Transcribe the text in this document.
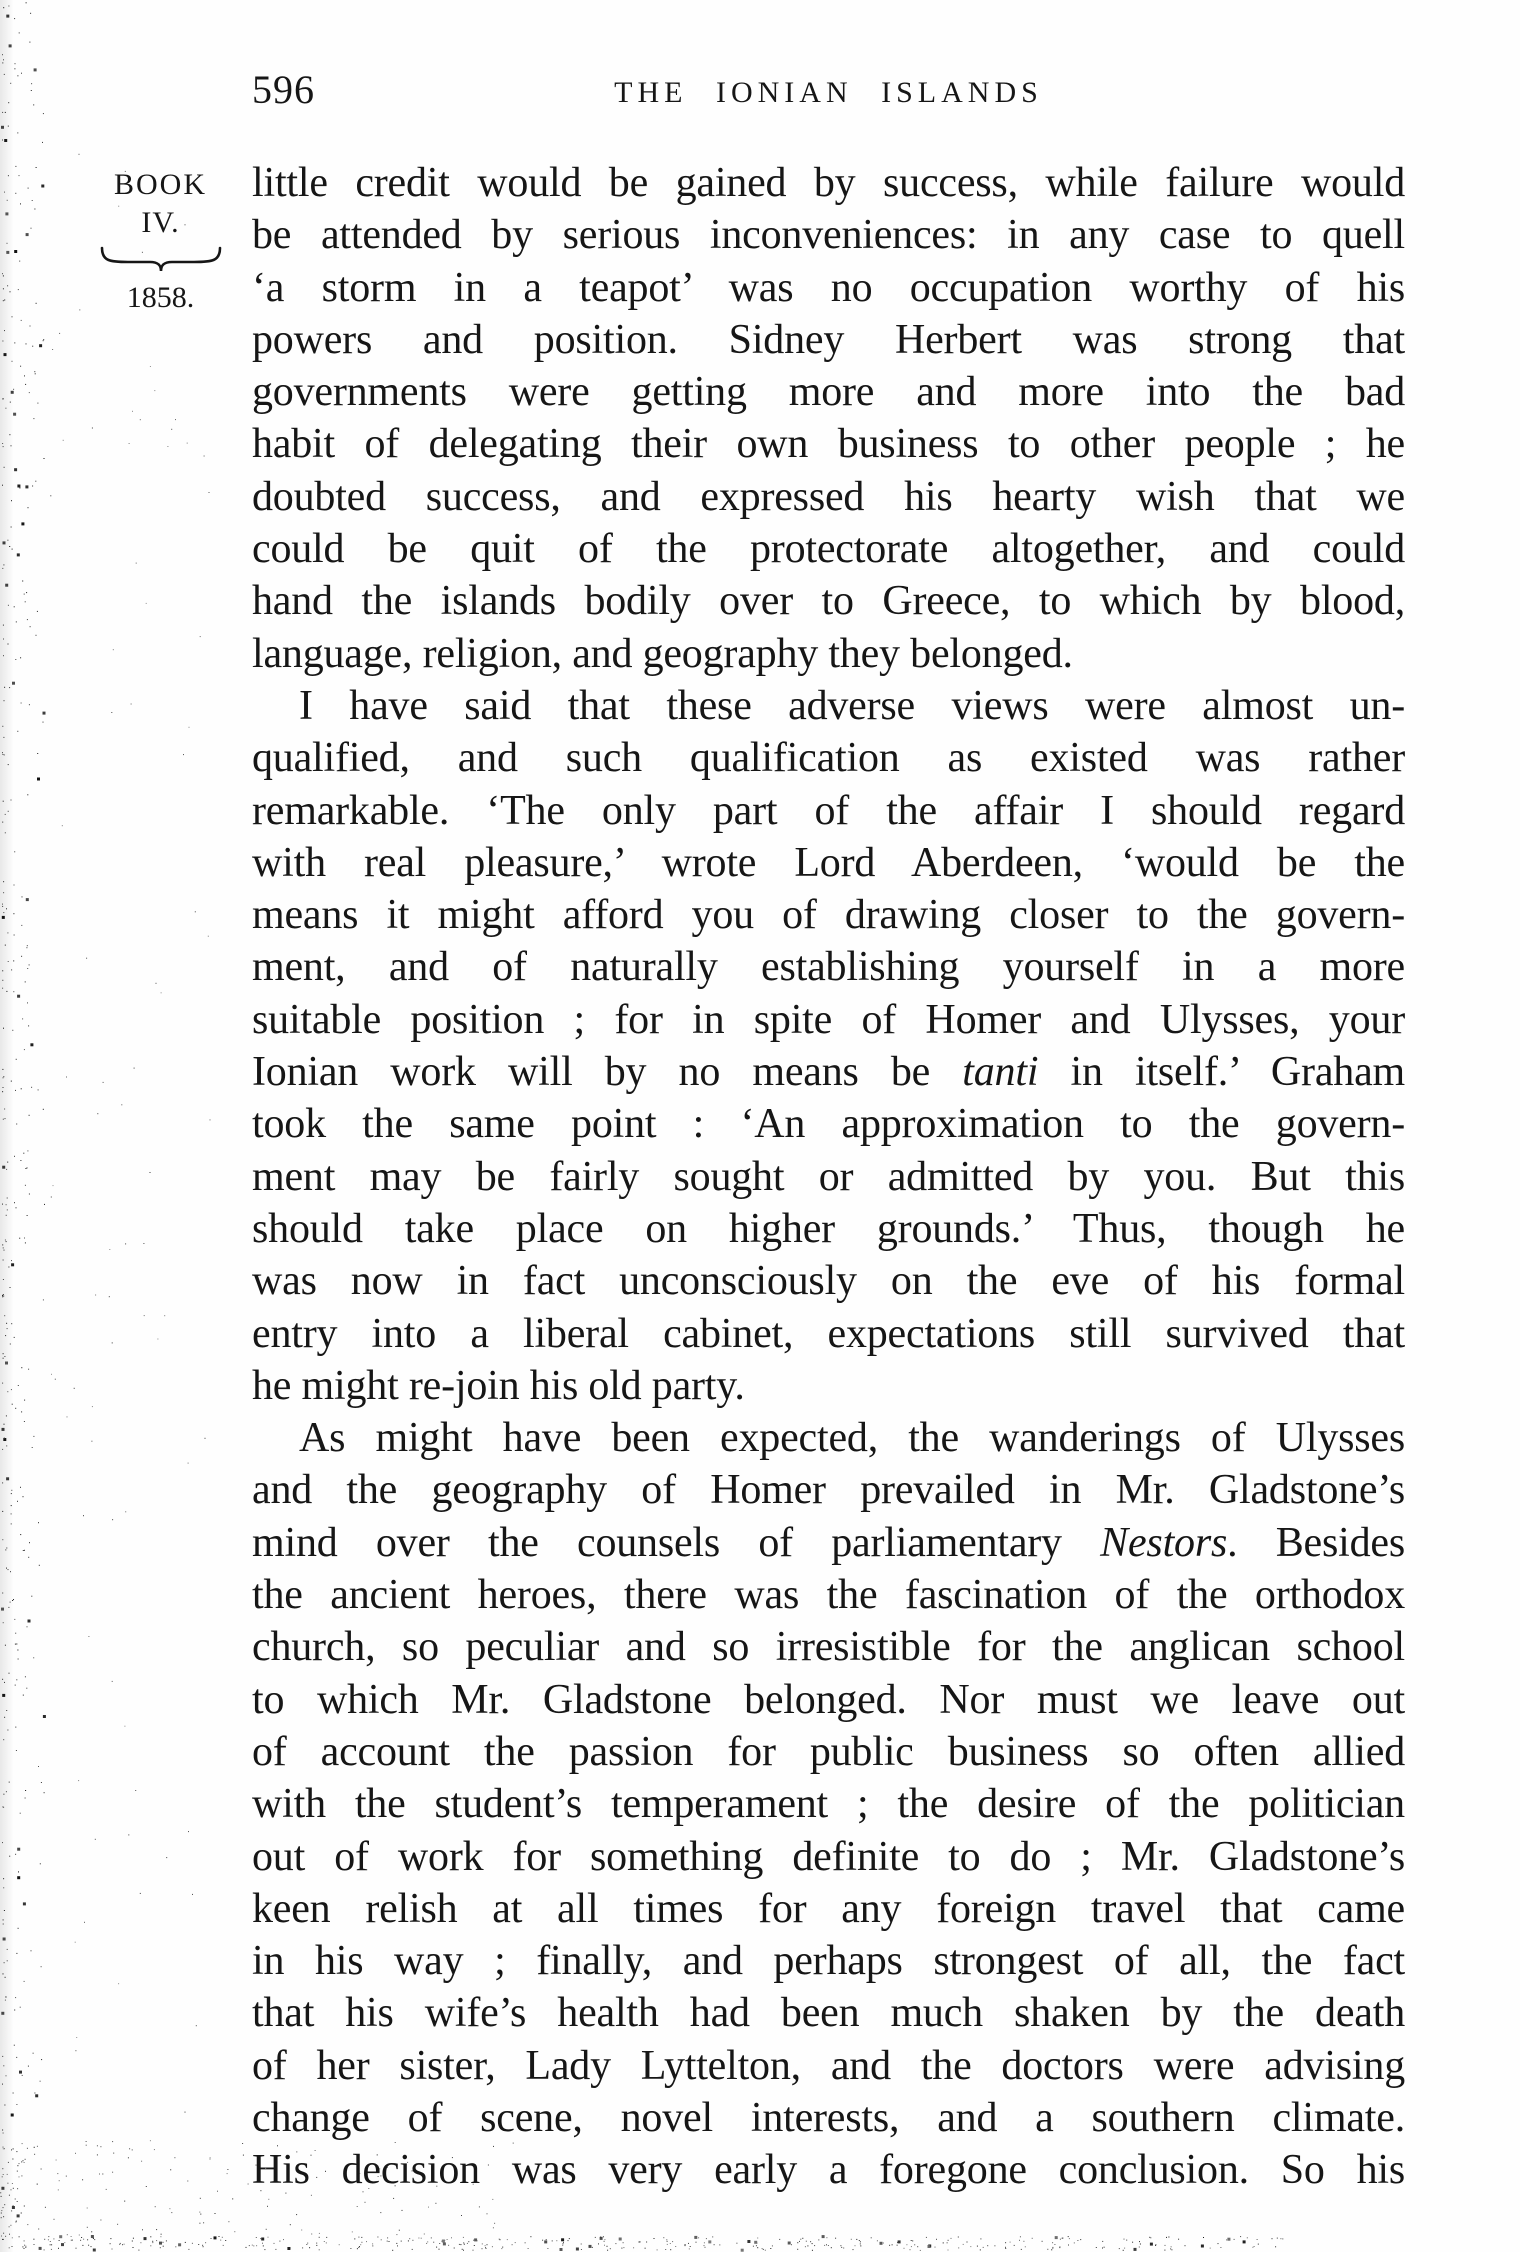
596	THE IONIAN ISLANDS
BOOK
IV.
1858.
little credit would be gained by success, while failure would
be attended by serious inconveniences: in any case to quell
‘a storm in a teapot’ was no occupation worthy of his
powers and position. Sidney Herbert was strong that
governments were getting more and more into the bad
habit of delegating their own business to other people ; he
doubted success, and expressed his hearty wish that we
could be quit of the protectorate altogether, and could
hand the islands bodily over to Greece, to which by blood,
language, religion, and geography they belonged.
I have said that these adverse views were almost un-
qualified, and such qualification as existed was rather
remarkable. ‘The only part of the affair I should regard
with real pleasure,’ wrote Lord Aberdeen, ‘would be the
means it might afford you of drawing closer to the govern-
ment, and of naturally establishing yourself in a more
suitable position ; for in spite of Homer and Ulysses, your
Ionian work will by no means be tanti in itself.’ Graham
took the same point : ‘An approximation to the govern-
ment may be fairly sought or admitted by you. But this
should take place on higher grounds.’ Thus, though he
was now in fact unconsciously on the eve of his formal
entry into a liberal cabinet, expectations still survived that
he might re-join his old party.
As might have been expected, the wanderings of Ulysses
and the geography of Homer prevailed in Mr. Gladstone’s
mind over the counsels of parliamentary Nestors. Besides
the ancient heroes, there was the fascination of the orthodox
church, so peculiar and so irresistible for the anglican school
to which Mr. Gladstone belonged. Nor must we leave out
of account the passion for public business so often allied
with the student’s temperament ; the desire of the politician
out of work for something definite to do ; Mr. Gladstone’s
keen relish at all times for any foreign travel that came
in his way ; finally, and perhaps strongest of all, the fact
that his wife’s health had been much shaken by the death
of her sister, Lady Lyttelton, and the doctors were advising
change of scene, novel interests, and a southern climate.
His decision was very early a foregone conclusion. So his
